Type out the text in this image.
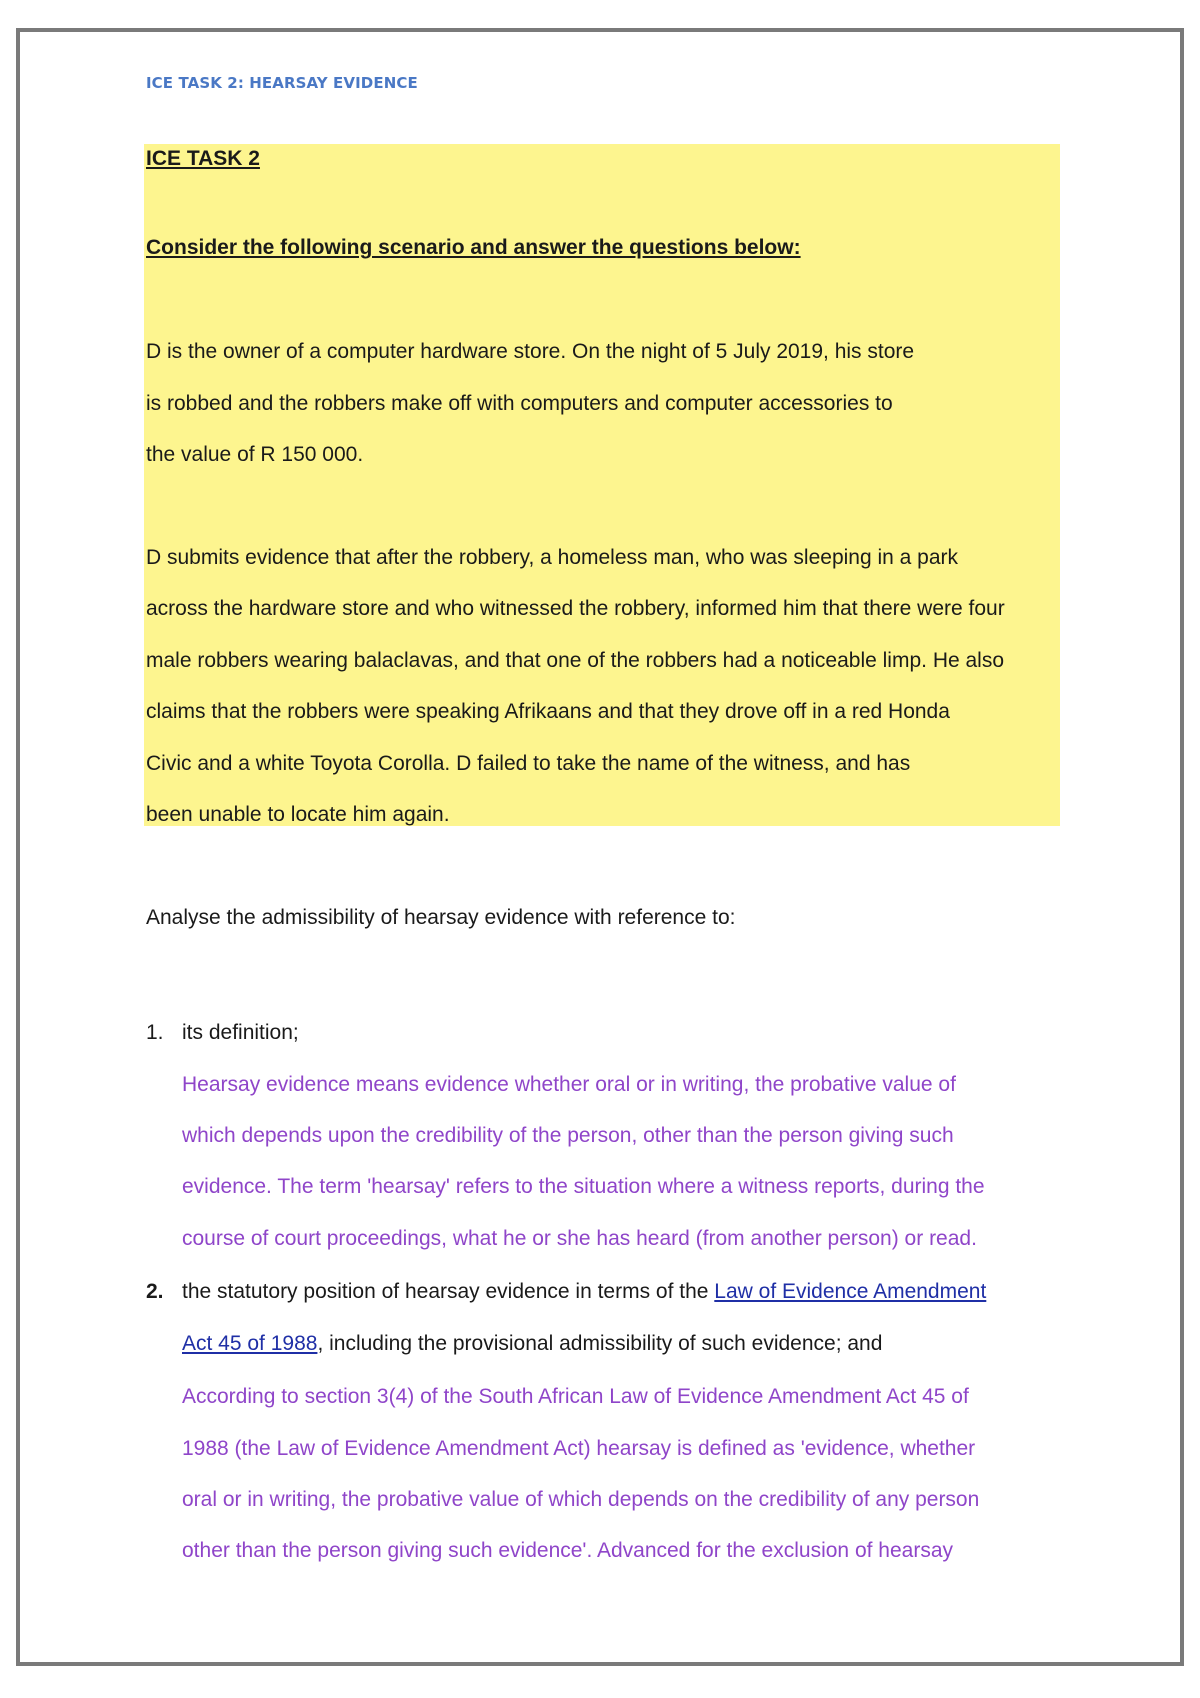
ICE TASK 2: HEARSAY EVIDENCE
ICE TASK 2
Consider the following scenario and answer the questions below:
D is the owner of a computer hardware store. On the night of 5 July 2019, his store
is robbed and the robbers make off with computers and computer accessories to
the value of R 150 000.
D submits evidence that after the robbery, a homeless man, who was sleeping in a park
across the hardware store and who witnessed the robbery, informed him that there were four
male robbers wearing balaclavas, and that one of the robbers had a noticeable limp. He also
claims that the robbers were speaking Afrikaans and that they drove off in a red Honda
Civic and a white Toyota Corolla. D failed to take the name of the witness, and has
been unable to locate him again.
Analyse the admissibility of hearsay evidence with reference to:
1. its definition;
Hearsay evidence means evidence whether oral or in writing, the probative value of
which depends upon the credibility of the person, other than the person giving such
evidence. The term 'hearsay' refers to the situation where a witness reports, during the
course of court proceedings, what he or she has heard (from another person) or read.
2. the statutory position of hearsay evidence in terms of the Law of Evidence Amendment
Act 45 of 1988, including the provisional admissibility of such evidence; and
According to section 3(4) of the South African Law of Evidence Amendment Act 45 of
1988 (the Law of Evidence Amendment Act) hearsay is defined as 'evidence, whether
oral or in writing, the probative value of which depends on the credibility of any person
other than the person giving such evidence'. Advanced for the exclusion of hearsay
